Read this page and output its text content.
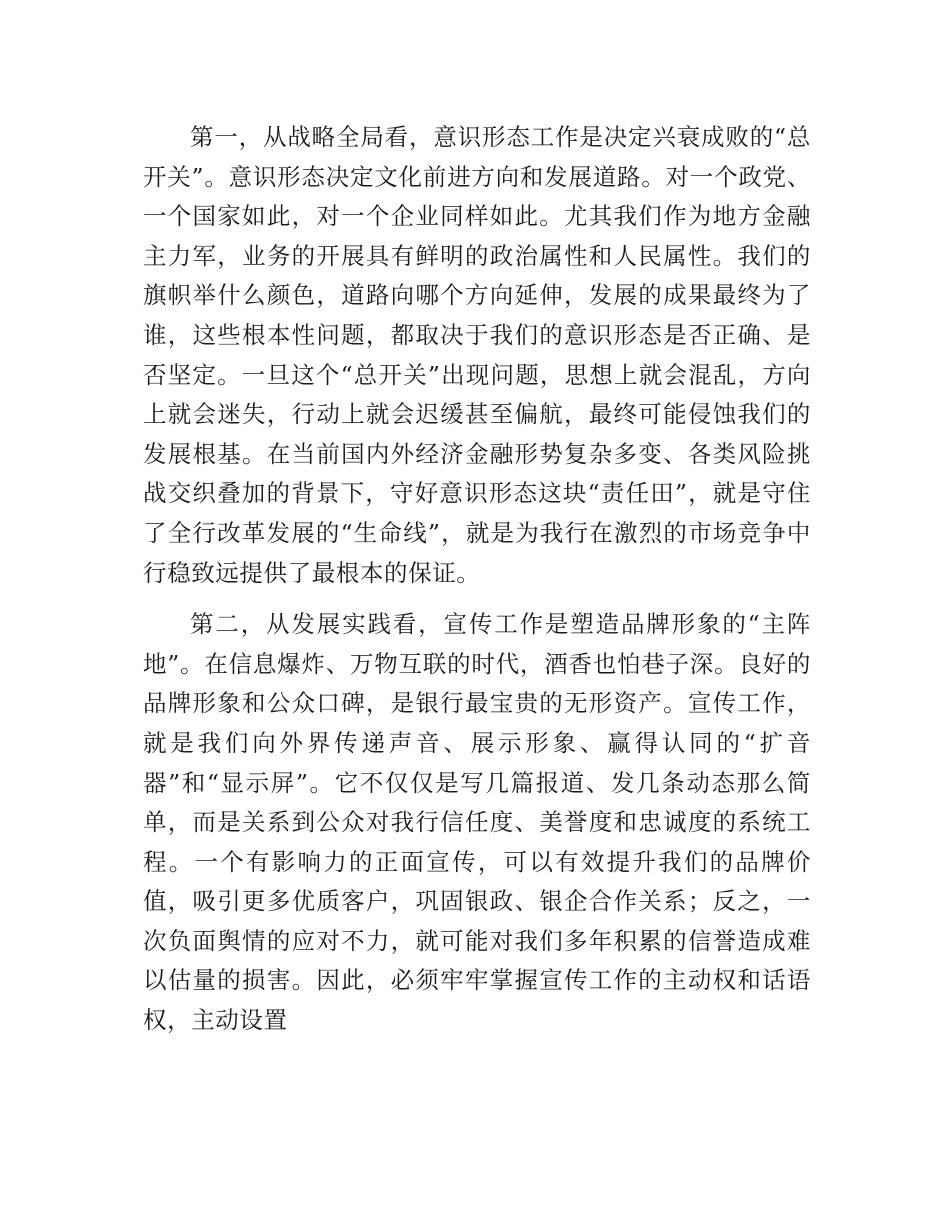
第一，从战略全局看，意识形态工作是决定兴衰成败的“总开关”。意识形态决定文化前进方向和发展道路。对一个政党、一个国家如此，对一个企业同样如此。尤其我们作为地方金融主力军，业务的开展具有鲜明的政治属性和人民属性。我们的旗帜举什么颜色，道路向哪个方向延伸，发展的成果最终为了谁，这些根本性问题，都取决于我们的意识形态是否正确、是否坚定。一旦这个“总开关”出现问题，思想上就会混乱，方向上就会迷失，行动上就会迟缓甚至偏航，最终可能侵蚀我们的发展根基。在当前国内外经济金融形势复杂多变、各类风险挑战交织叠加的背景下，守好意识形态这块“责任田”，就是守住了全行改革发展的“生命线”，就是为我行在激烈的市场竞争中行稳致远提供了最根本的保证。

第二，从发展实践看，宣传工作是塑造品牌形象的“主阵地”。在信息爆炸、万物互联的时代，酒香也怕巷子深。良好的品牌形象和公众口碑，是银行最宝贵的无形资产。宣传工作，就是我们向外界传递声音、展示形象、赢得认同的“扩音器”和“显示屏”。它不仅仅是写几篇报道、发几条动态那么简单，而是关系到公众对我行信任度、美誉度和忠诚度的系统工程。一个有影响力的正面宣传，可以有效提升我们的品牌价值，吸引更多优质客户，巩固银政、银企合作关系；反之，一次负面舆情的应对不力，就可能对我们多年积累的信誉造成难以估量的损害。因此，必须牢牢掌握宣传工作的主动权和话语权，主动设置
